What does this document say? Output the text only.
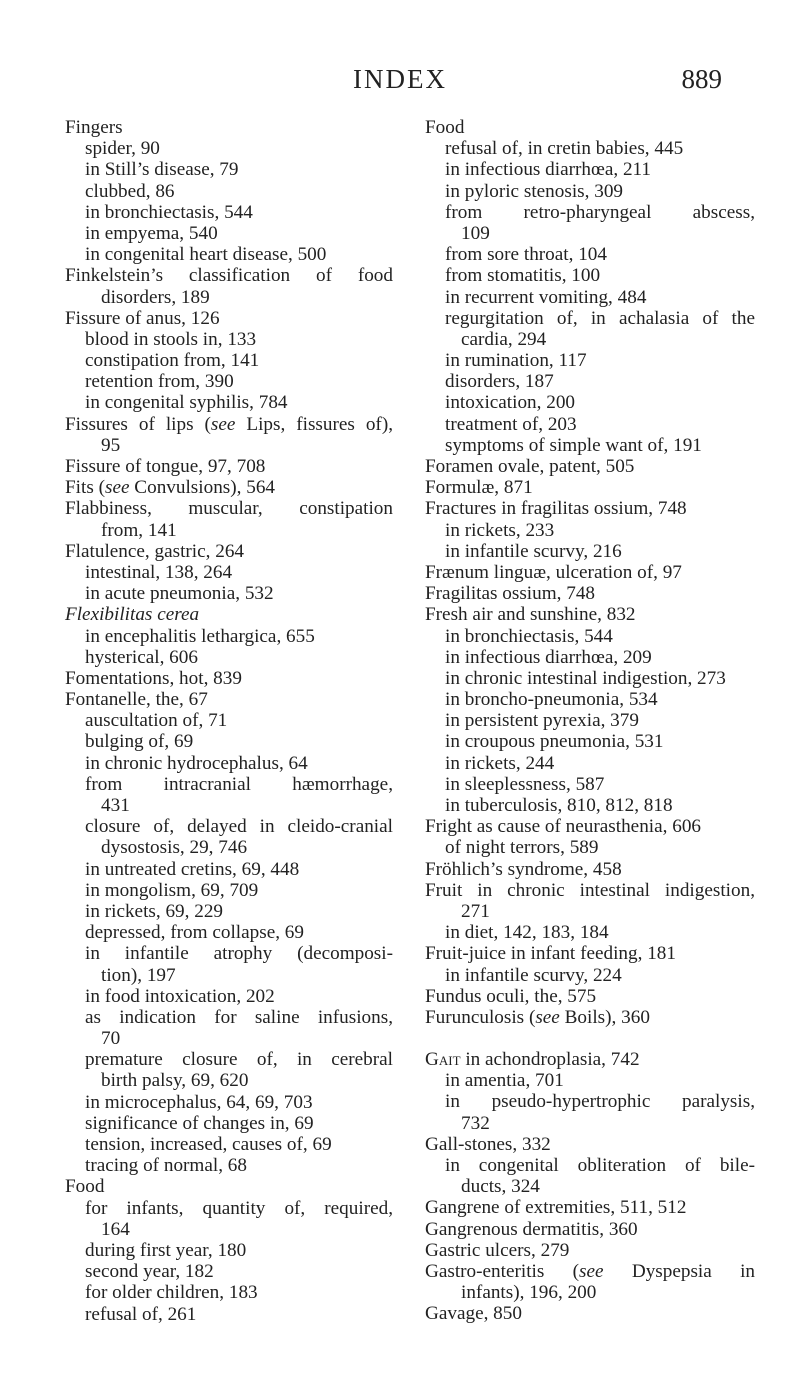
INDEX	889
Fingers
spider, 90
in Still’s disease, 79
clubbed, 86
in bronchiectasis, 544
in empyema, 540
in congenital heart disease, 500
Finkelstein’s classification of food
disorders, 189
Fissure of anus, 126
blood in stools in, 133
constipation from, 141
retention from, 390
in congenital syphilis, 784
Fissures of lips (see Lips, fissures of),
95
Fissure of tongue, 97, 708
Fits (see Convulsions), 564
Flabbiness, muscular, constipation
from, 141
Flatulence, gastric, 264
intestinal, 138, 264
in acute pneumonia, 532
Flexibilitas cerea
in encephalitis lethargica, 655
hysterical, 606
Fomentations, hot, 839
Fontanelle, the, 67
auscultation of, 71
bulging of, 69
in chronic hydrocephalus, 64
from intracranial hæmorrhage,
431
closure of, delayed in cleido-cranial
dysostosis, 29, 746
in untreated cretins, 69, 448
in mongolism, 69, 709
in rickets, 69, 229
depressed, from collapse, 69
in infantile atrophy (decomposi-
tion), 197
in food intoxication, 202
as indication for saline infusions,
70
premature closure of, in cerebral
birth palsy, 69, 620
in microcephalus, 64, 69, 703
significance of changes in, 69
tension, increased, causes of, 69
tracing of normal, 68
Food
for infants, quantity of, required,
164
during first year, 180
second year, 182
for older children, 183
refusal of, 261
Food
refusal of, in cretin babies, 445
in infectious diarrhœa, 211
in pyloric stenosis, 309
from retro-pharyngeal abscess,
109
from sore throat, 104
from stomatitis, 100
in recurrent vomiting, 484
regurgitation of, in achalasia of the
cardia, 294
in rumination, 117
disorders, 187
intoxication, 200
treatment of, 203
symptoms of simple want of, 191
Foramen ovale, patent, 505
Formulæ, 871
Fractures in fragilitas ossium, 748
in rickets, 233
in infantile scurvy, 216
Frænum linguæ, ulceration of, 97
Fragilitas ossium, 748
Fresh air and sunshine, 832
in bronchiectasis, 544
in infectious diarrhœa, 209
in chronic intestinal indigestion, 273
in broncho-pneumonia, 534
in persistent pyrexia, 379
in croupous pneumonia, 531
in rickets, 244
in sleeplessness, 587
in tuberculosis, 810, 812, 818
Fright as cause of neurasthenia, 606
of night terrors, 589
Fröhlich’s syndrome, 458
Fruit in chronic intestinal indigestion,
271
in diet, 142, 183, 184
Fruit-juice in infant feeding, 181
in infantile scurvy, 224
Fundus oculi, the, 575
Furunculosis (see Boils), 360
Gait in achondroplasia, 742
in amentia, 701
in pseudo-hypertrophic paralysis,
732
Gall-stones, 332
in congenital obliteration of bile-
ducts, 324
Gangrene of extremities, 511, 512
Gangrenous dermatitis, 360
Gastric ulcers, 279
Gastro-enteritis (see Dyspepsia in
infants), 196, 200
Gavage, 850
